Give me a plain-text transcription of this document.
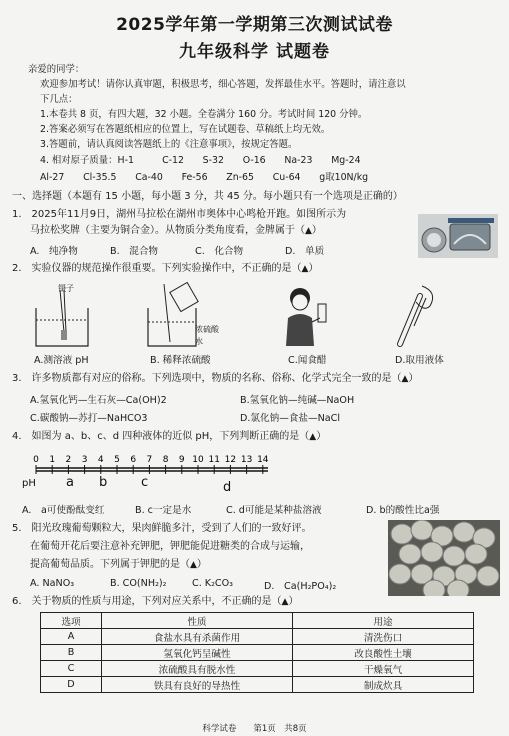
2025学年第一学期第三次测试试卷
九年级科学 试题卷
亲爱的同学：
欢迎参加考试！请你认真审题，积极思考，细心答题，发挥最佳水平。答题时，请注意以
下几点：
1.本卷共 8 页，有四大题，32 小题。全卷满分 160 分。考试时间 120 分钟。
2.答案必须写在答题纸相应的位置上，写在试题卷、草稿纸上均无效。
3.答题前，请认真阅读答题纸上的《注意事项》，按规定答题。
4. 相对原子质量：H-1　　　C-12　　S-32　　O-16　　Na-23　　Mg-24
Al-27　　Cl-35.5　　Ca-40　　Fe-56　　Zn-65　　Cu-64　　g取10N/kg
一、选择题（本题有 15 小题，每小题 3 分，共 45 分。每小题只有一个选项是正确的）
1.　2025年11月9日，湖州马拉松在湖州市奥体中心鸣枪开跑。如图所示为
马拉松奖牌（主要为铜合金）。从物质分类角度看，金牌属于（▲）
A.　纯净物	B.　混合物	C.　化合物	D.　单质
2.　实验仪器的规范操作很重要。下列实验操作中，不正确的是（▲）
镊子
浓硫酸
水
A.测溶液 pH	B. 稀释浓硫酸	C.闻食醋	D.取用液体
3.　许多物质都有对应的俗称。下列选项中，物质的名称、俗称、化学式完全一致的是（▲）
A.氢氧化钙—生石灰—Ca(OH)2	B.氢氧化钠—纯碱—NaOH
C.碳酸钠—苏打—NaHCO3	D.氯化钠—食盐—NaCl
4.　如图为 a、b、c、d 四种液体的近似 pH，下列判断正确的是（▲）
0 1 2 3 4 5 6 7 8 9 10 11 12 13 14
pH a b	c	d
A.　a可使酚酞变红	B. c一定是水	C. d可能是某种盐溶液	D. b的酸性比a强
5.　阳光玫瑰葡萄颗粒大，果肉鲜脆多汁，受到了人们的一致好评。
在葡萄开花后要注意补充钾肥，钾肥能促进糖类的合成与运输，
提高葡萄品质。下列属于钾肥的是（▲）
A. NaNO₃	B. CO(NH₂)₂	C. K₂CO₃	D.　Ca(H₂PO₄)₂
6.　关于物质的性质与用途，下列对应关系中，不正确的是（▲）
选项	性质	用途
A	食盐水具有杀菌作用	清洗伤口
B	氢氧化钙呈碱性	改良酸性土壤
C	浓硫酸具有脱水性	干燥氧气
D	铁具有良好的导热性	制成炊具
科学试卷　　第1页　共8页
